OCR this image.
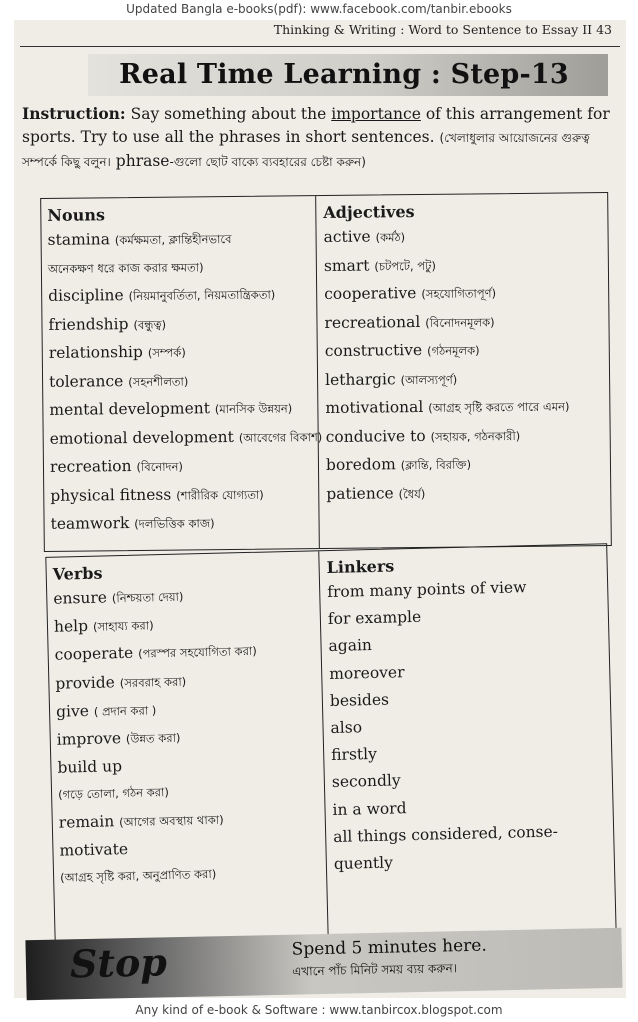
Updated Bangla e-books(pdf): www.facebook.com/tanbir.ebooks
Thinking & Writing : Word to Sentence to Essay II 43
Real Time Learning : Step-13
Instruction: Say something about the importance of this arrangement for sports. Try to use all the phrases in short sentences. (খেলাধুলার আয়োজনের গুরুত্ব সম্পর্কে কিছু বলুন। phrase-গুলো ছোট বাক্যে ব্যবহারের চেষ্টা করুন)
Nouns
stamina (কর্মক্ষমতা, ক্লান্তিহীনভাবে
অনেকক্ষণ ধরে কাজ করার ক্ষমতা)
discipline (নিয়মানুবর্তিতা, নিয়মতান্ত্রিকতা)
friendship (বন্ধুত্ব)
relationship (সম্পর্ক)
tolerance (সহনশীলতা)
mental development (মানসিক উন্নয়ন)
emotional development (আবেগের বিকাশ)
recreation (বিনোদন)
physical fitness (শারীরিক যোগ্যতা)
teamwork (দলভিত্তিক কাজ)
Adjectives
active (কর্মঠ)
smart (চটপটে, পটু)
cooperative (সহযোগিতাপূর্ণ)
recreational (বিনোদনমূলক)
constructive (গঠনমূলক)
lethargic (আলস্যপূর্ণ)
motivational (আগ্রহ সৃষ্টি করতে পারে এমন)
conducive to (সহায়ক, গঠনকারী)
boredom (ক্লান্তি, বিরক্তি)
patience (ধৈর্য)
Verbs
ensure (নিশ্চয়তা দেয়া)
help (সাহায্য করা)
cooperate (পরস্পর সহযোগিতা করা)
provide (সরবরাহ করা)
give ( প্রদান করা )
improve (উন্নত করা)
build up
(গড়ে তোলা, গঠন করা)
remain (আগের অবস্থায় থাকা)
motivate
(আগ্রহ সৃষ্টি করা, অনুপ্রাণিত করা)
Linkers
from many points of view
for example
again
moreover
besides
also
firstly
secondly
in a word
all things considered, conse-
quently
Stop	Spend 5 minutes here.
এখানে পাঁচ মিনিট সময় ব্যয় করুন।
Any kind of e-book & Software : www.tanbircox.blogspot.com
